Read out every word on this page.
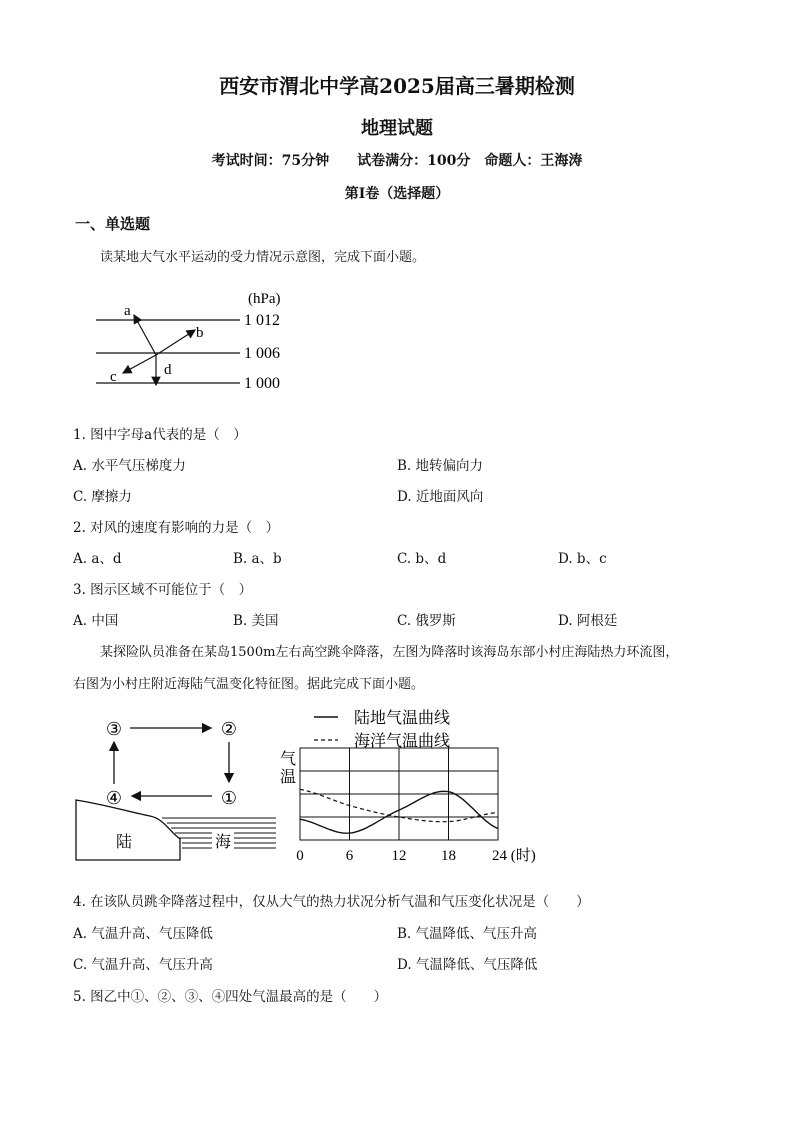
西安市渭北中学高2025届高三暑期检测
地理试题
考试时间：75分钟　　试卷满分：100分　命题人：王海涛
第I卷（选择题）
一、单选题
读某地大气水平运动的受力情况示意图，完成下面小题。
(hPa)
1 012
1 006
1 000
a
b
c	d
1. 图中字母a代表的是（　）
A. 水平气压梯度力	B. 地转偏向力
C. 摩擦力	D. 近地面风向
2. 对风的速度有影响的力是（　）
A. a、d	B. a、b	C. b、d	D. b、c
3. 图示区域不可能位于（　）
A. 中国	B. 美国	C. 俄罗斯	D. 阿根廷
某探险队员准备在某岛1500m左右高空跳伞降落，左图为降落时该海岛东部小村庄海陆热力环流图，
右图为小村庄附近海陆气温变化特征图。据此完成下面小题。
③	②
④	①
陆	海
陆地气温曲线
海洋气温曲线
气
温
0	6	12 18 24 (时)
4. 在该队员跳伞降落过程中，仅从大气的热力状况分析气温和气压变化状况是（　　）
A. 气温升高、气压降低	B. 气温降低、气压升高
C. 气温升高、气压升高	D. 气温降低、气压降低
5. 图乙中①、②、③、④四处气温最高的是（　　）
